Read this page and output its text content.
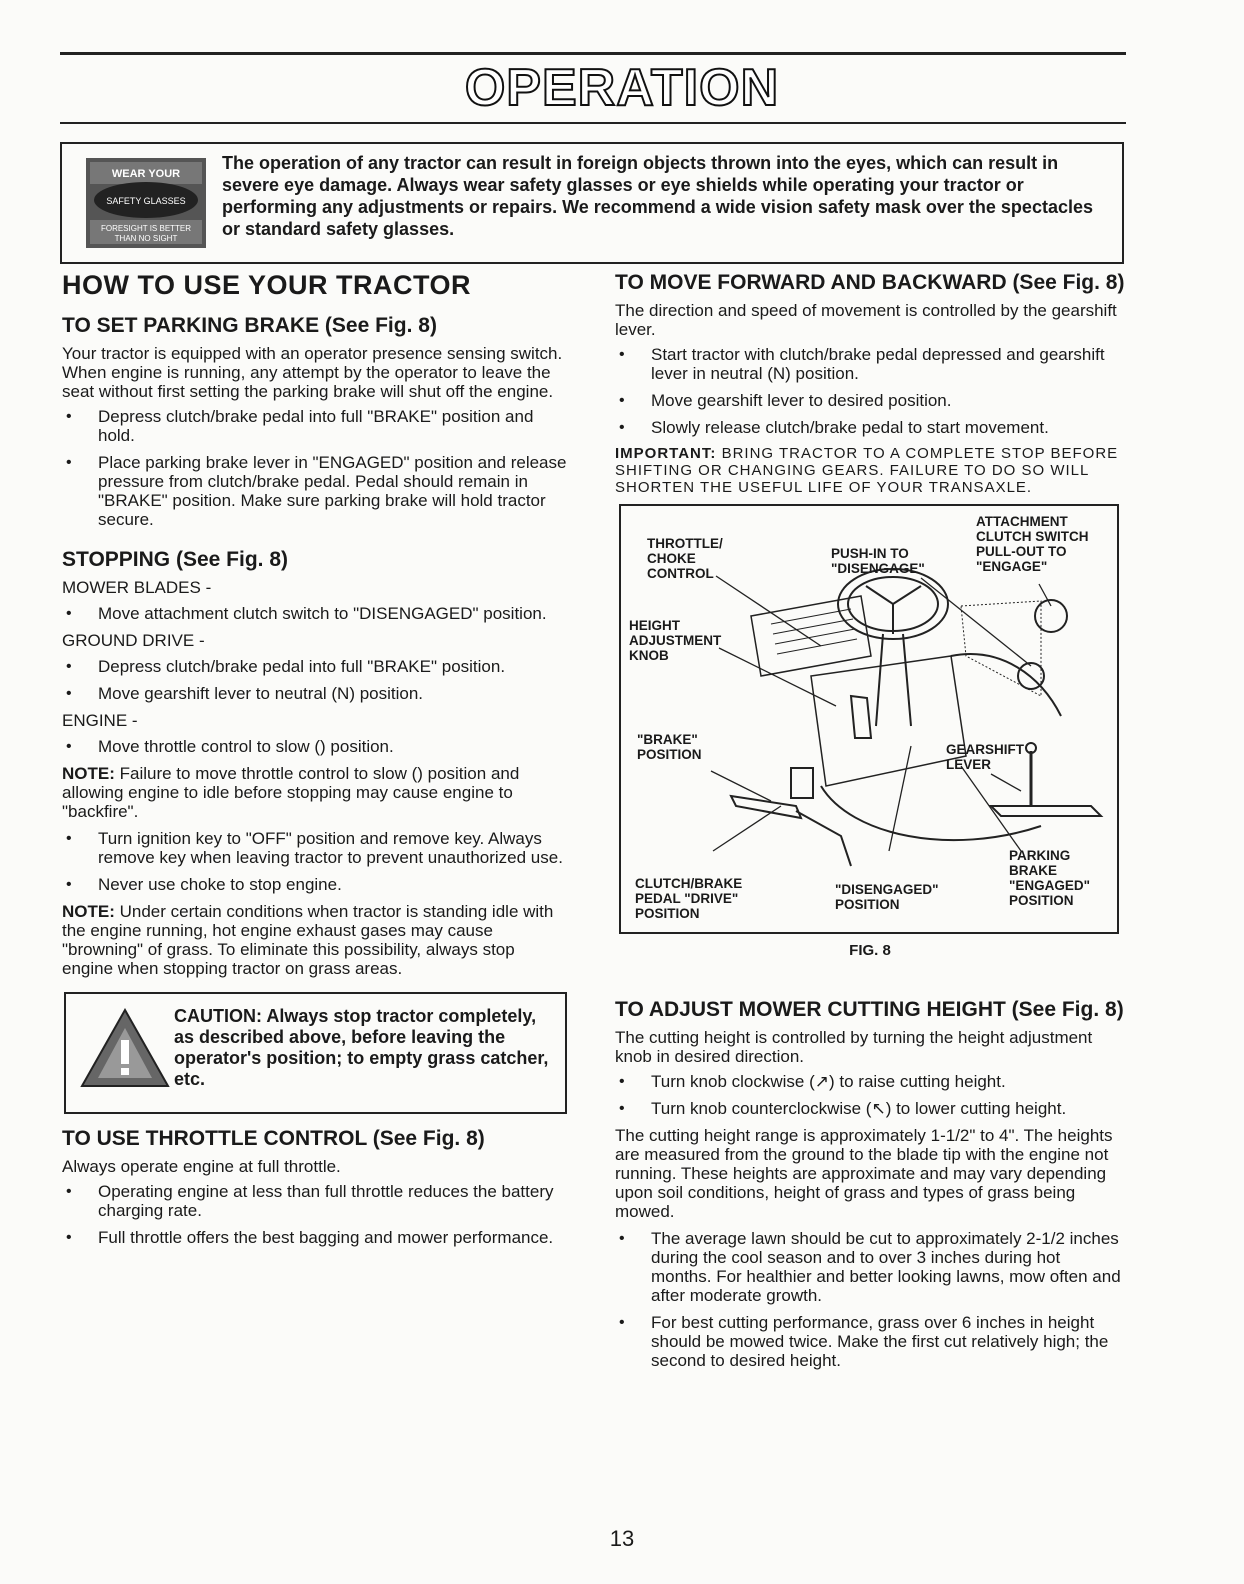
OPERATION
WEAR YOUR
SAFETY GLASSES
FORESIGHT IS BETTER
THAN NO SIGHT
The operation of any tractor can result in foreign objects thrown into the eyes, which can result in severe eye damage. Always wear safety glasses or eye shields while operating your tractor or performing any adjustments or repairs. We recommend a wide vision safety mask over the spectacles or standard safety glasses.
HOW TO USE YOUR TRACTOR
TO SET PARKING BRAKE (See Fig. 8)

Your tractor is equipped with an operator presence sensing switch. When engine is running, any attempt by the operator to leave the seat without first setting the parking brake will shut off the engine.

• Depress clutch/brake pedal into full "BRAKE" position and hold.
• Place parking brake lever in "ENGAGED" position and release pressure from clutch/brake pedal. Pedal should remain in "BRAKE" position. Make sure parking brake will hold tractor secure.
STOPPING (See Fig. 8)
MOWER BLADES -
• Move attachment clutch switch to "DISENGAGED" position.
GROUND DRIVE -
• Depress clutch/brake pedal into full "BRAKE" position.
• Move gearshift lever to neutral (N) position.
ENGINE -
• Move throttle control to slow () position.

NOTE: Failure to move throttle control to slow () position and allowing engine to idle before stopping may cause engine to "backfire".

• Turn ignition key to "OFF" position and remove key. Always remove key when leaving tractor to prevent unauthorized use.
• Never use choke to stop engine.

NOTE: Under certain conditions when tractor is standing idle with the engine running, hot engine exhaust gases may cause "browning" of grass. To eliminate this possibility, always stop engine when stopping tractor on grass areas.

CAUTION: Always stop tractor completely, as described above, before leaving the operator's position; to empty grass catcher, etc.
TO USE THROTTLE CONTROL (See Fig. 8)

Always operate engine at full throttle.

• Operating engine at less than full throttle reduces the battery charging rate.
• Full throttle offers the best bagging and mower performance.
TO MOVE FORWARD AND BACKWARD (See Fig. 8)

The direction and speed of movement is controlled by the gearshift lever.

• Start tractor with clutch/brake pedal depressed and gearshift lever in neutral (N) position.
• Move gearshift lever to desired position.
• Slowly release clutch/brake pedal to start movement.

IMPORTANT: BRING TRACTOR TO A COMPLETE STOP BEFORE SHIFTING OR CHANGING GEARS. FAILURE TO DO SO WILL SHORTEN THE USEFUL LIFE OF YOUR TRANSAXLE.

THROTTLE/ CHOKE CONTROL
PUSH-IN TO "DISENGAGE"
ATTACHMENT CLUTCH SWITCH PULL-OUT TO "ENGAGE"
HEIGHT ADJUSTMENT KNOB
"BRAKE" POSITION	GEARSHIFT LEVER
PARKING BRAKE "ENGAGED" POSITION
CLUTCH/BRAKE PEDAL "DRIVE" POSITION
"DISENGAGED" POSITION
FIG. 8
TO ADJUST MOWER CUTTING HEIGHT (See Fig. 8)

The cutting height is controlled by turning the height adjustment knob in desired direction.

• Turn knob clockwise (↗) to raise cutting height.
• Turn knob counterclockwise (↖) to lower cutting height.

The cutting height range is approximately 1-1/2" to 4". The heights are measured from the ground to the blade tip with the engine not running. These heights are approximate and may vary depending upon soil conditions, height of grass and types of grass being mowed.

• The average lawn should be cut to approximately 2-1/2 inches during the cool season and to over 3 inches during hot months. For healthier and better looking lawns, mow often and after moderate growth.
• For best cutting performance, grass over 6 inches in height should be mowed twice. Make the first cut relatively high; the second to desired height.
13
